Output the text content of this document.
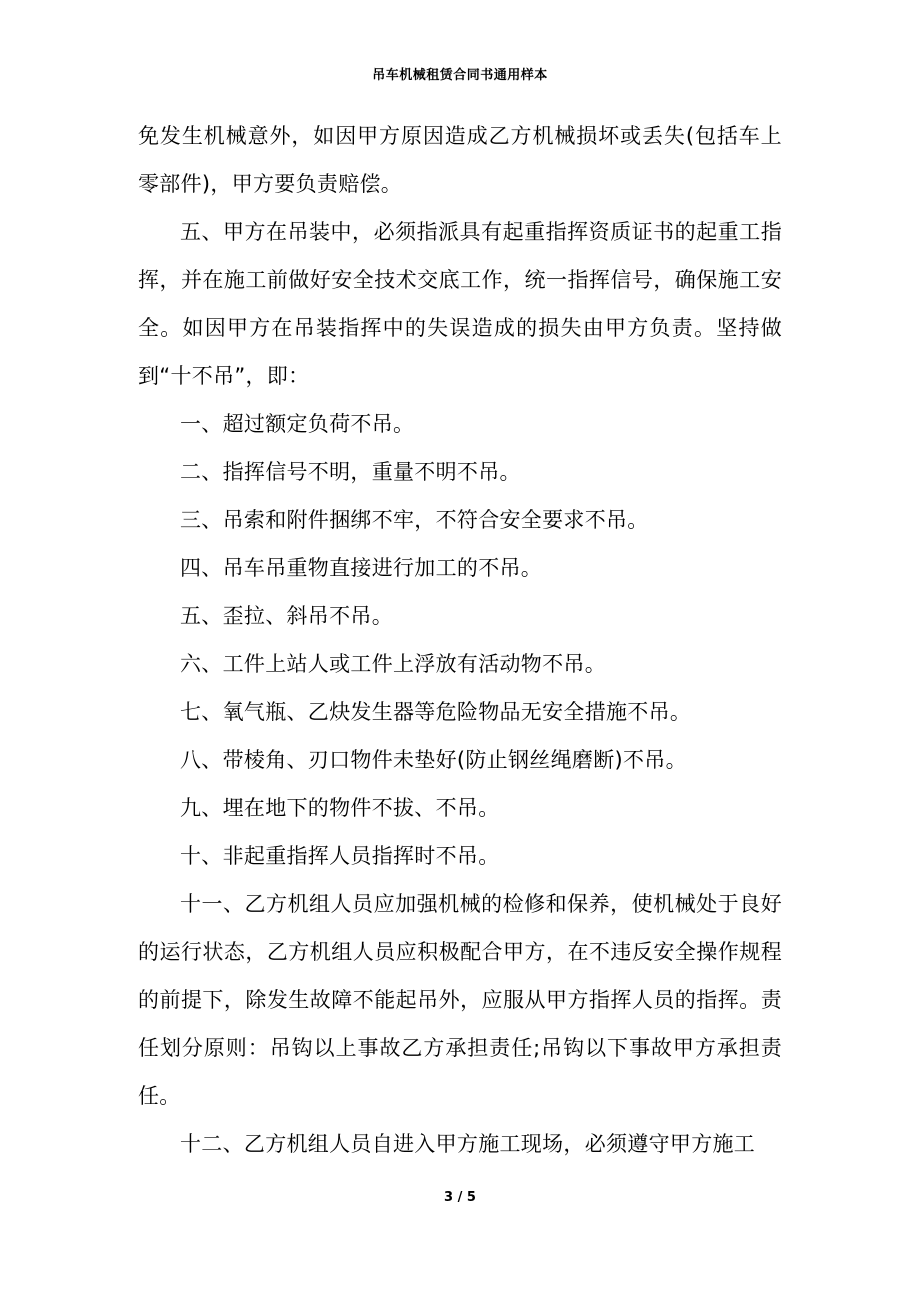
吊车机械租赁合同书通用样本

免发生机械意外，如因甲方原因造成乙方机械损坏或丢失(包括车上零部件)，甲方要负责赔偿。

五、甲方在吊装中，必须指派具有起重指挥资质证书的起重工指挥，并在施工前做好安全技术交底工作，统一指挥信号，确保施工安全。如因甲方在吊装指挥中的失误造成的损失由甲方负责。坚持做到“十不吊”，即：

一、超过额定负荷不吊。

二、指挥信号不明，重量不明不吊。

三、吊索和附件捆绑不牢，不符合安全要求不吊。

四、吊车吊重物直接进行加工的不吊。

五、歪拉、斜吊不吊。

六、工件上站人或工件上浮放有活动物不吊。

七、氧气瓶、乙炔发生器等危险物品无安全措施不吊。

八、带棱角、刃口物件未垫好(防止钢丝绳磨断)不吊。

九、埋在地下的物件不拔、不吊。

十、非起重指挥人员指挥时不吊。

十一、乙方机组人员应加强机械的检修和保养，使机械处于良好的运行状态，乙方机组人员应积极配合甲方，在不违反安全操作规程的前提下，除发生故障不能起吊外，应服从甲方指挥人员的指挥。责任划分原则：吊钩以上事故乙方承担责任;吊钩以下事故甲方承担责任。

十二、乙方机组人员自进入甲方施工现场，必须遵守甲方施工

3 / 5
